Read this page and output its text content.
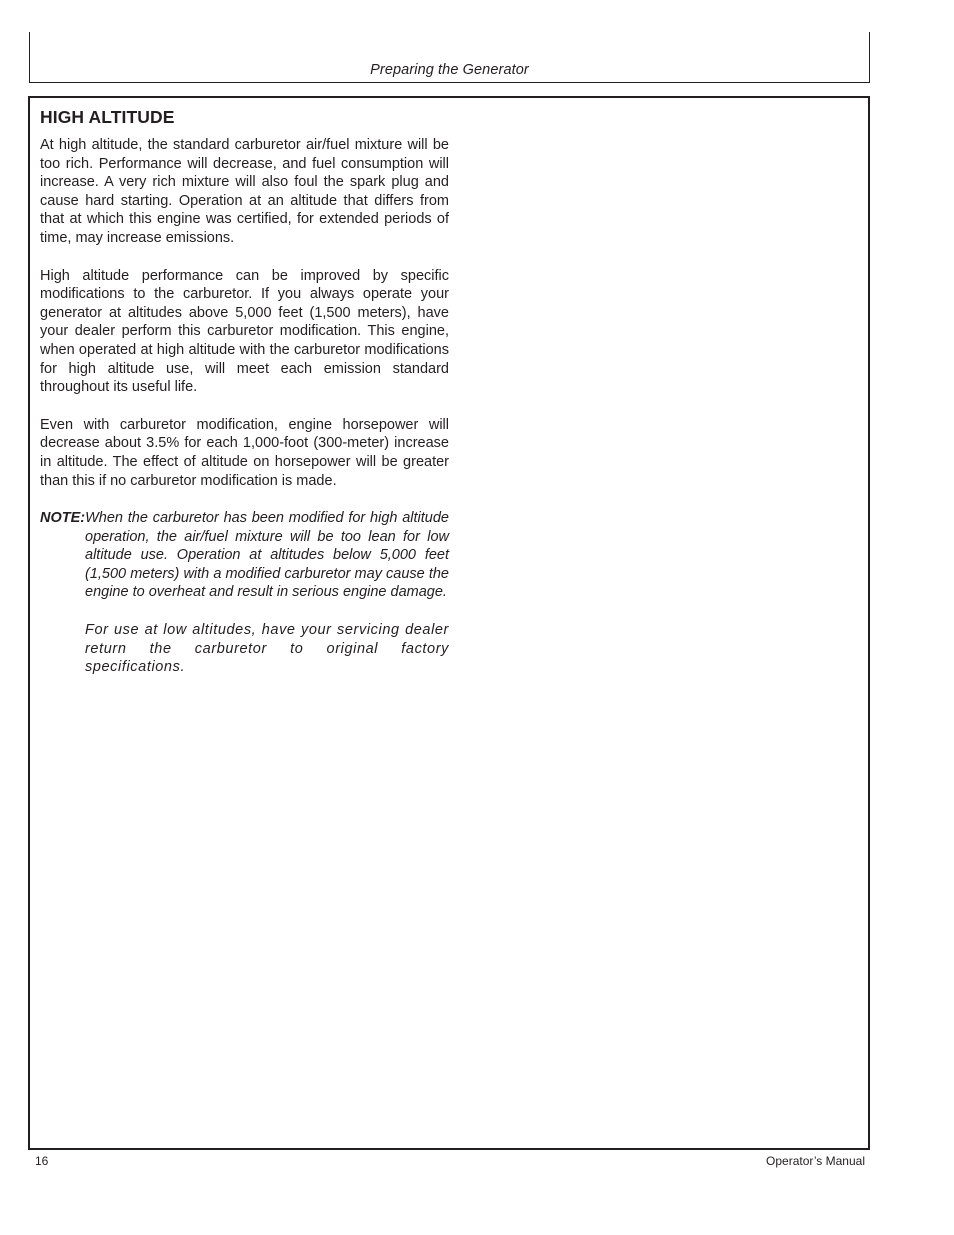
Preparing the Generator
HIGH ALTITUDE

At high altitude, the standard carburetor air/fuel mixture will be too rich. Performance will decrease, and fuel consumption will increase. A very rich mixture will also foul the spark plug and cause hard starting. Operation at an altitude that differs from that at which this engine was certified, for extended periods of time, may increase emissions.

High altitude performance can be improved by specific modifications to the carburetor. If you always operate your generator at altitudes above 5,000 feet (1,500 meters), have your dealer perform this carburetor modification. This engine, when operated at high altitude with the carburetor modifications for high altitude use, will meet each emission standard throughout its useful life.

Even with carburetor modification, engine horsepower will decrease about 3.5% for each 1,000-foot (300-meter) increase in altitude. The effect of altitude on horsepower will be greater than this if no carburetor modification is made.

NOTE:When the carburetor has been modified for high altitude operation, the air/fuel mixture will be too lean for low altitude use. Operation at altitudes below 5,000 feet (1,500 meters) with a modified carburetor may cause the engine to overheat and result in serious engine damage.

For use at low altitudes, have your servicing dealer return the carburetor to original factory specifications.

16	Operator’s Manual
